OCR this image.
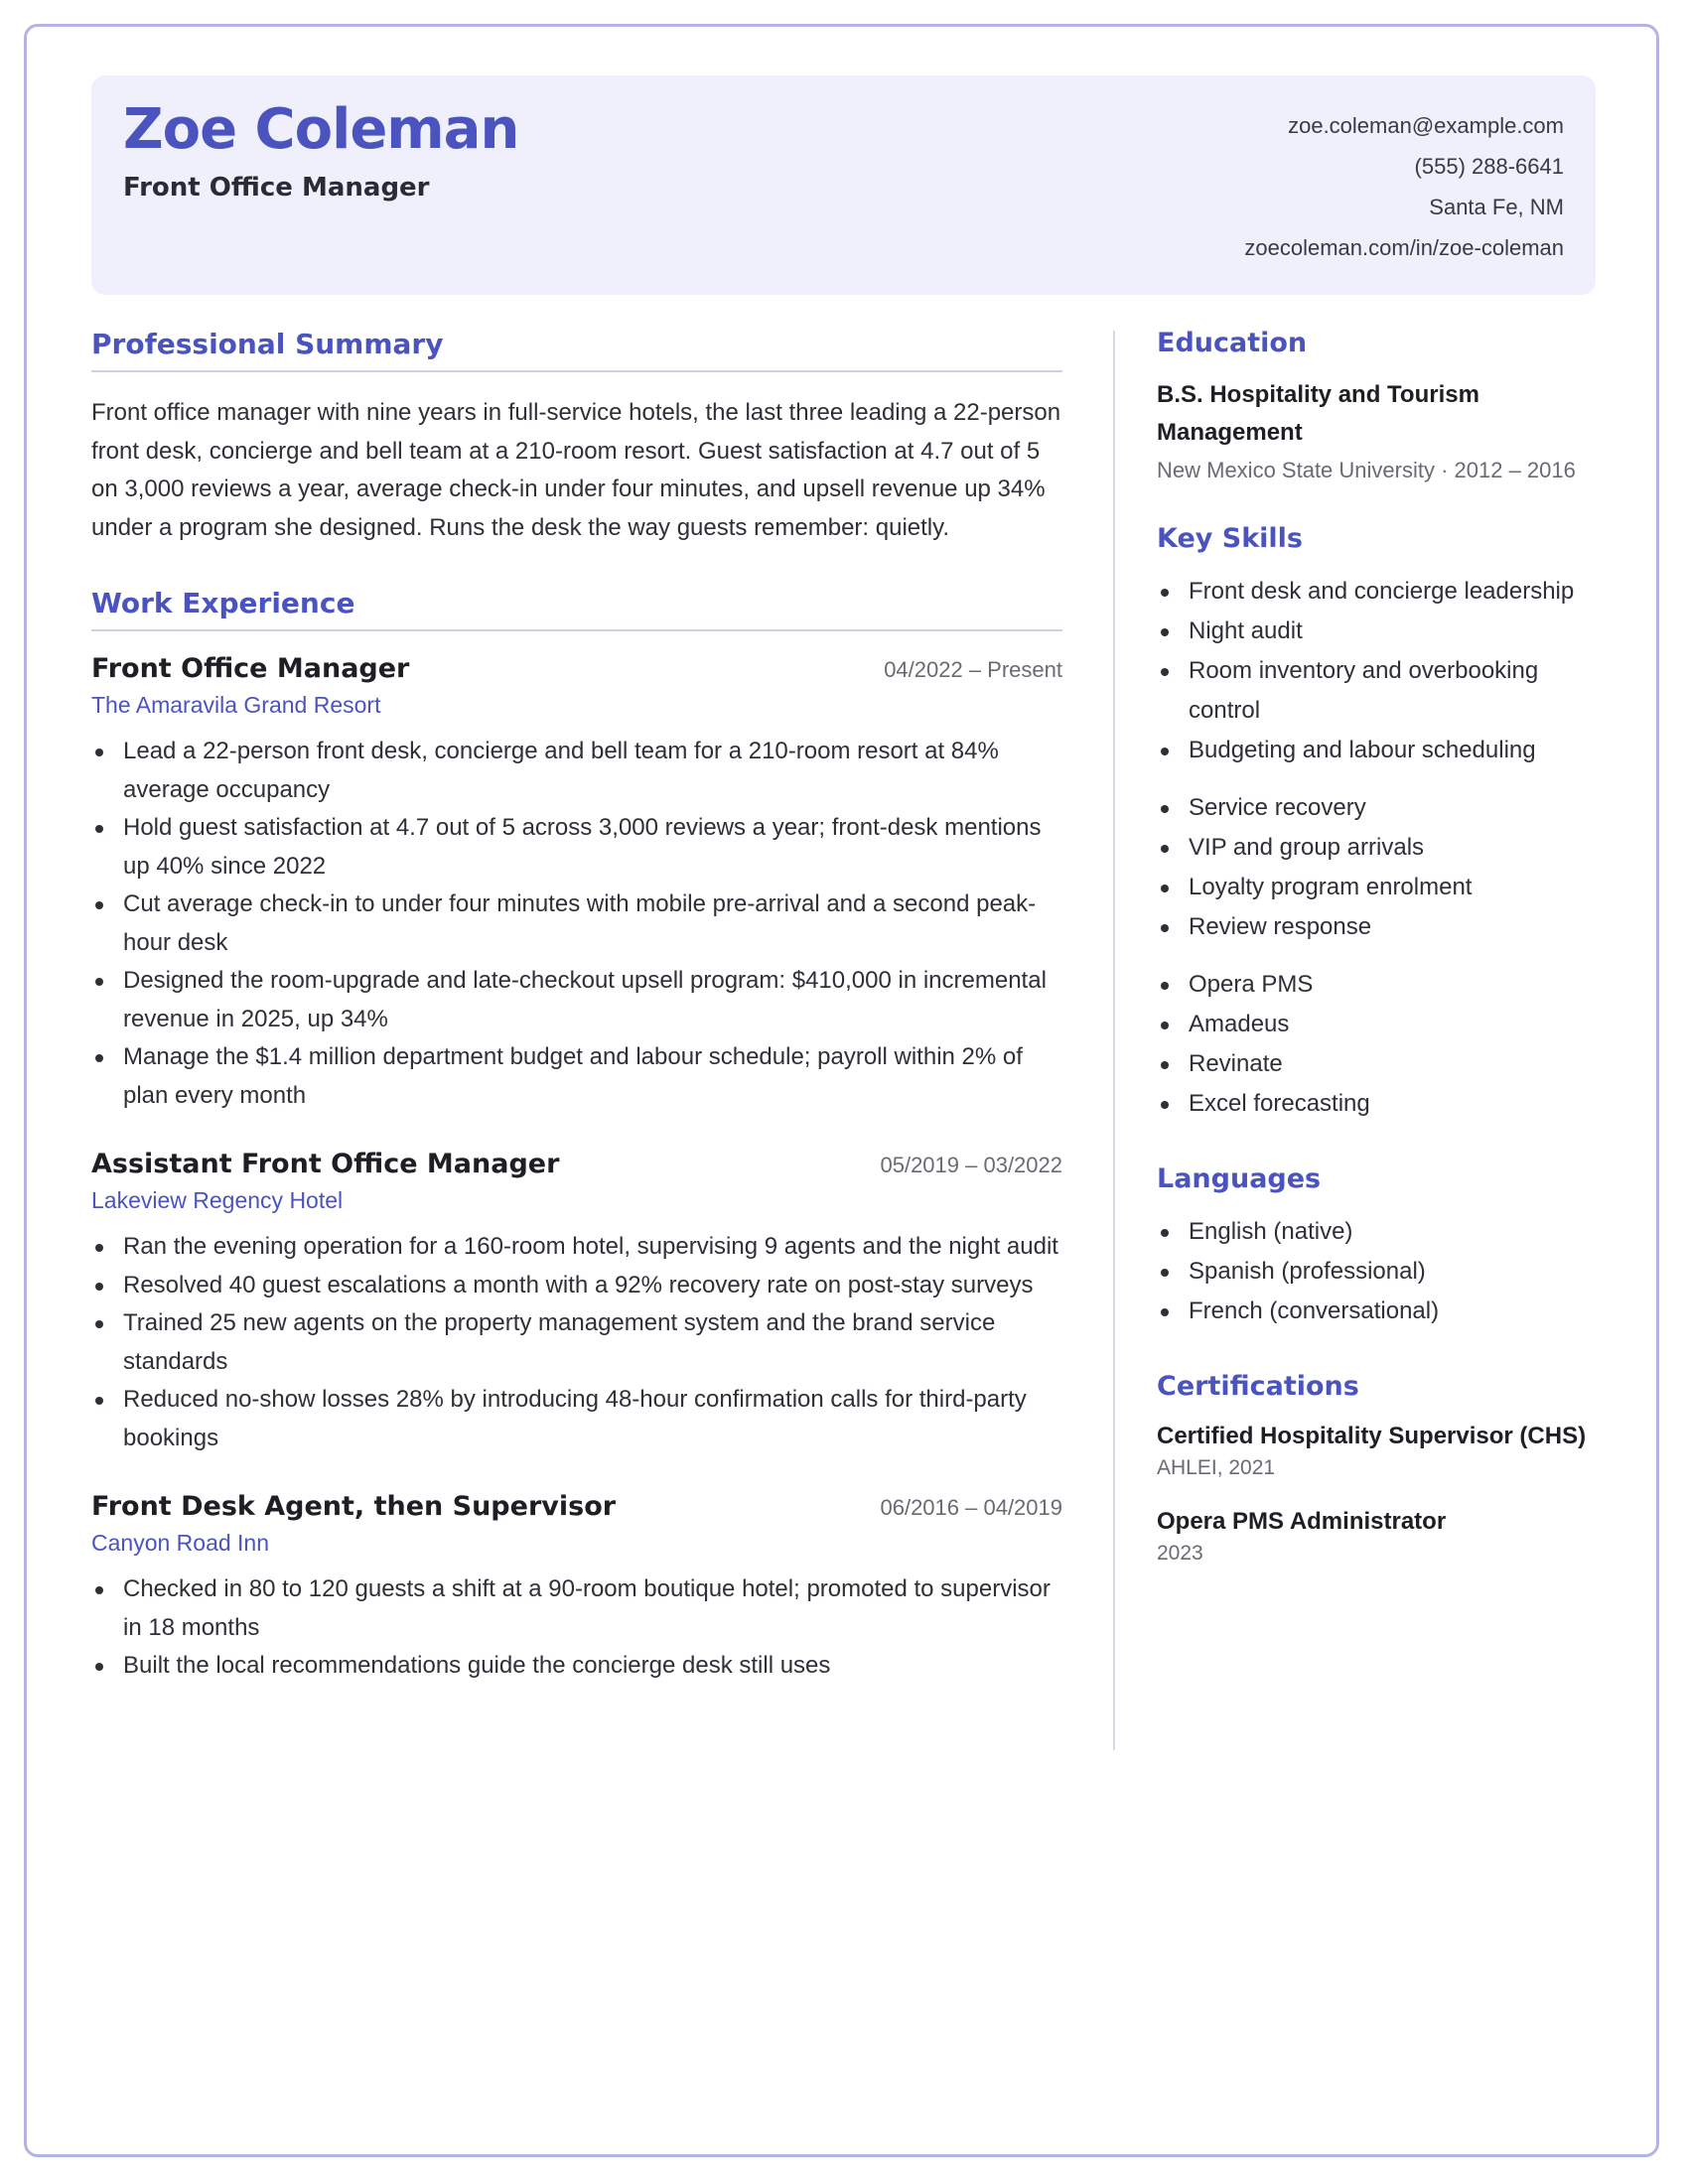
Zoe Coleman
Front Office Manager
zoe.coleman@example.com
(555) 288-6641
Santa Fe, NM
zoecoleman.com/in/zoe-coleman
Professional Summary

Front office manager with nine years in full-service hotels, the last three leading a 22-person front desk, concierge and bell team at a 210-room resort. Guest satisfaction at 4.7 out of 5 on 3,000 reviews a year, average check-in under four minutes, and upsell revenue up 34% under a program she designed. Runs the desk the way guests remember: quietly.

Work Experience
Front Office Manager	04/2022 – Present
The Amaravila Grand Resort
Lead a 22-person front desk, concierge and bell team for a 210-room resort at 84% average occupancy
Hold guest satisfaction at 4.7 out of 5 across 3,000 reviews a year; front-desk mentions up 40% since 2022
Cut average check-in to under four minutes with mobile pre-arrival and a second peak-hour desk
Designed the room-upgrade and late-checkout upsell program: $410,000 in incremental revenue in 2025, up 34%
Manage the $1.4 million department budget and labour schedule; payroll within 2% of plan every month
Assistant Front Office Manager	05/2019 – 03/2022
Lakeview Regency Hotel
Ran the evening operation for a 160-room hotel, supervising 9 agents and the night audit
Resolved 40 guest escalations a month with a 92% recovery rate on post-stay surveys
Trained 25 new agents on the property management system and the brand service standards
Reduced no-show losses 28% by introducing 48-hour confirmation calls for third-party bookings
Front Desk Agent, then Supervisor	06/2016 – 04/2019
Canyon Road Inn
Checked in 80 to 120 guests a shift at a 90-room boutique hotel; promoted to supervisor in 18 months
Built the local recommendations guide the concierge desk still uses
Education
B.S. Hospitality and Tourism Management
New Mexico State University · 2012 – 2016
Key Skills
Front desk and concierge leadership
Night audit
Room inventory and overbooking control
Budgeting and labour scheduling
Service recovery
VIP and group arrivals
Loyalty program enrolment
Review response
Opera PMS
Amadeus
Revinate
Excel forecasting
Languages
English (native)
Spanish (professional)
French (conversational)
Certifications
Certified Hospitality Supervisor (CHS)
AHLEI, 2021
Opera PMS Administrator
2023
